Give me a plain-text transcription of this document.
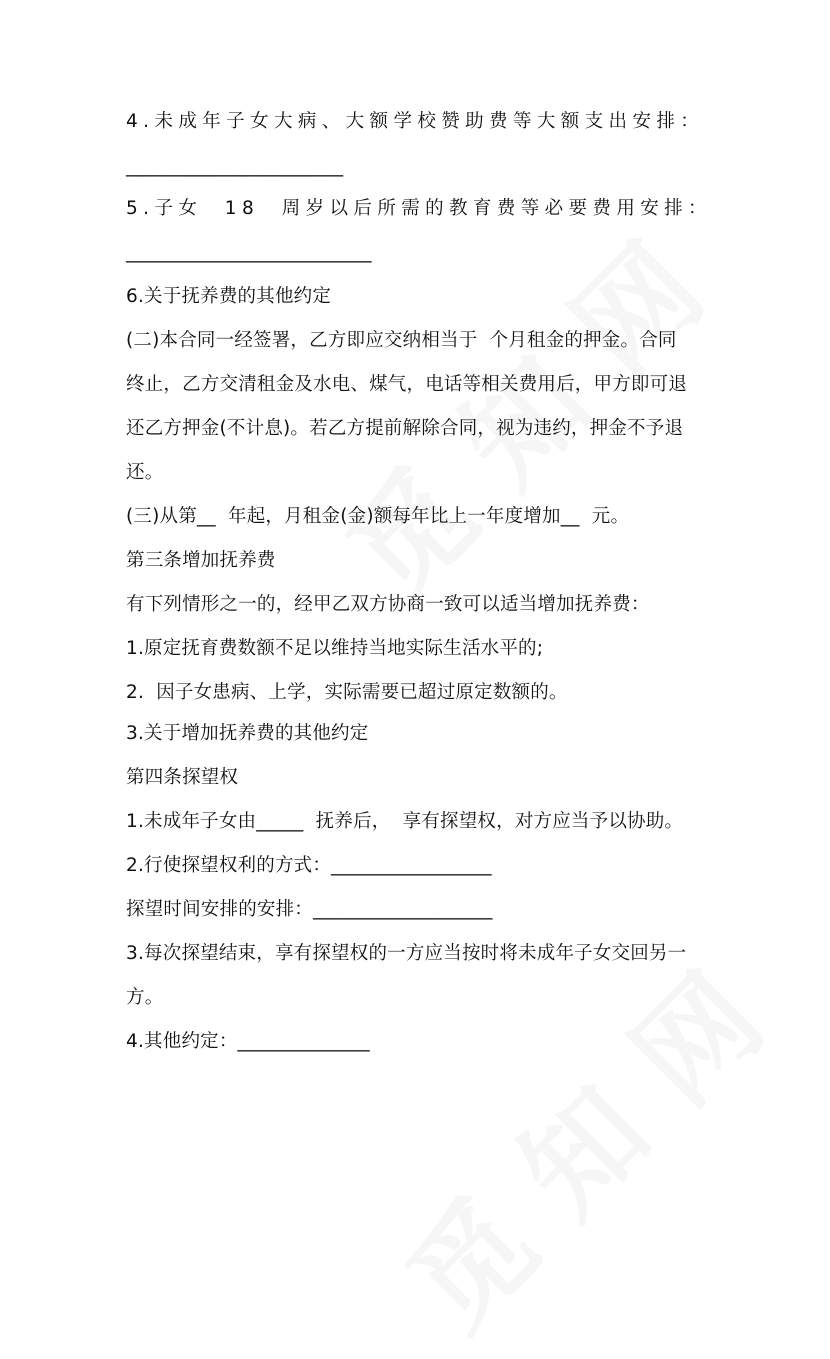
4.未成年子女大病、大额学校赞助费等大额支出安排：
_______________________
5.子女  18  周岁以后所需的教育费等必要费用安排：
__________________________
6.关于抚养费的其他约定
(二)本合同一经签署，乙方即应交纳相当于  个月租金的押金。合同
终止，乙方交清租金及水电、煤气，电话等相关费用后，甲方即可退
还乙方押金(不计息)。若乙方提前解除合同，视为违约，押金不予退
还。
(三)从第__  年起，月租金(金)额每年比上一年度增加__  元。
第三条增加抚养费
有下列情形之一的，经甲乙双方协商一致可以适当增加抚养费：
1.原定抚育费数额不足以维持当地实际生活水平的;
2.  因子女患病、上学，实际需要已超过原定数额的。
3.关于增加抚养费的其他约定
第四条探望权
1.未成年子女由_____  抚养后，  享有探望权，对方应当予以协助。
2.行使探望权利的方式：_________________
探望时间安排的安排：___________________
3.每次探望结束，享有探望权的一方应当按时将未成年子女交回另一
方。
4.其他约定：______________
